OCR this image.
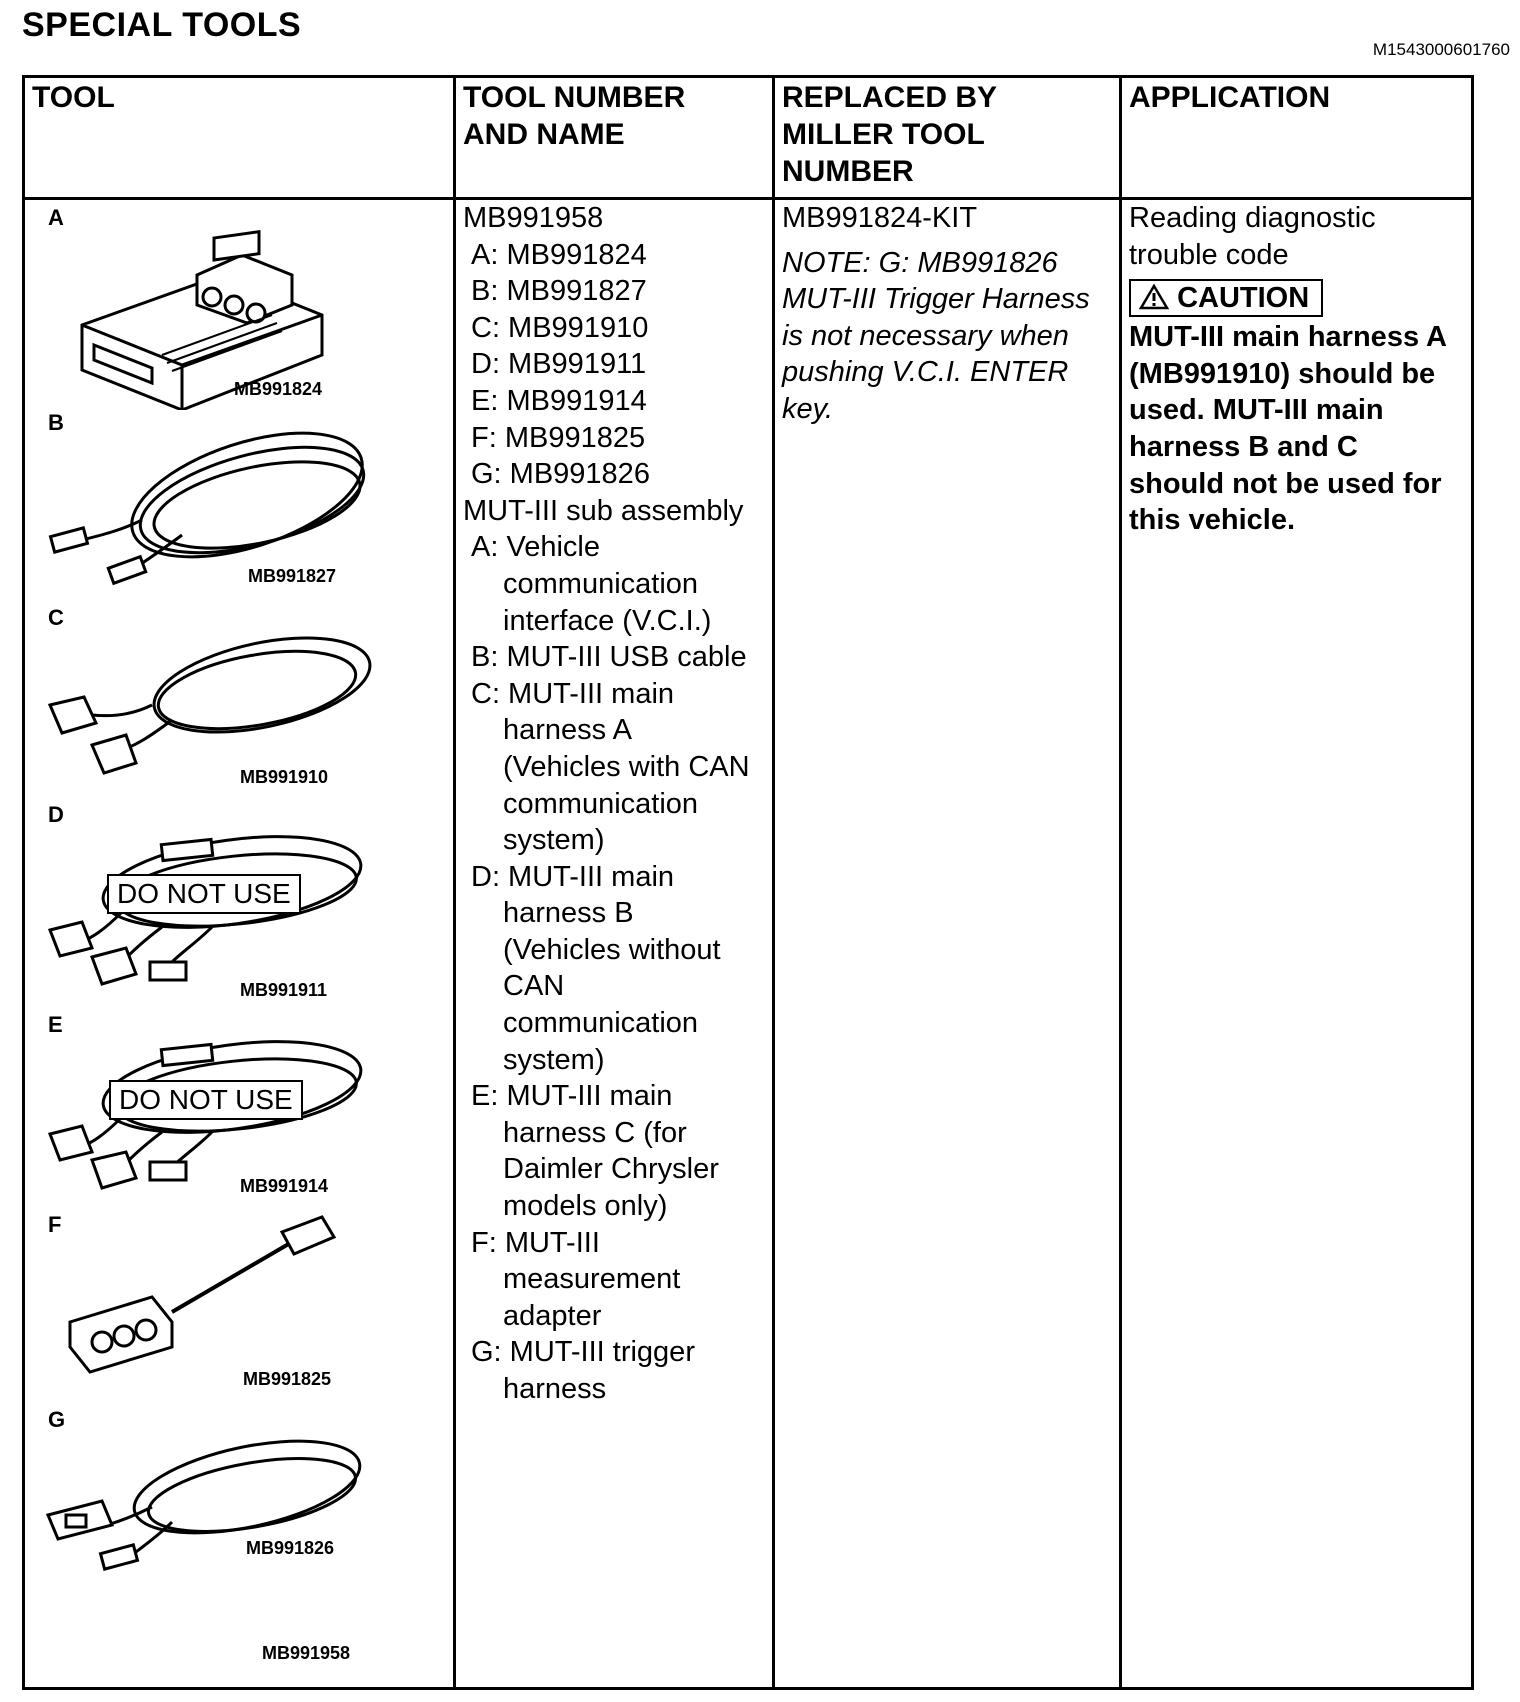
SPECIAL TOOLS
M1543000601760
TOOL	TOOL NUMBER
AND NAME
REPLACED BY
MILLER TOOL
NUMBER
APPLICATION
A
MB991824
B
MB991827
C
MB991910
D
DO NOT USE
MB991911
E
DO NOT USE
MB991914
F
MB991825
G
MB991826
MB991958
MB991958
A: MB991824
B: MB991827
C: MB991910
D: MB991911
E: MB991914
F: MB991825
G: MB991826
MUT-III sub assembly
A: Vehicle
communication
interface (V.C.I.)
B: MUT-III USB cable
C: MUT-III main
harness A
(Vehicles with CAN
communication
system)
D: MUT-III main
harness B
(Vehicles without
CAN
communication
system)
E: MUT-III main
harness C (for
Daimler Chrysler
models only)
F: MUT-III
measurement
adapter
G: MUT-III trigger
harness
MB991824-KIT
NOTE: G: MB991826
MUT-III Trigger Harness
is not necessary when
pushing V.C.I. ENTER
key.
Reading diagnostic
trouble code
CAUTION
MUT-III main harness A
(MB991910) should be
used. MUT-III main
harness B and C
should not be used for
this vehicle.
